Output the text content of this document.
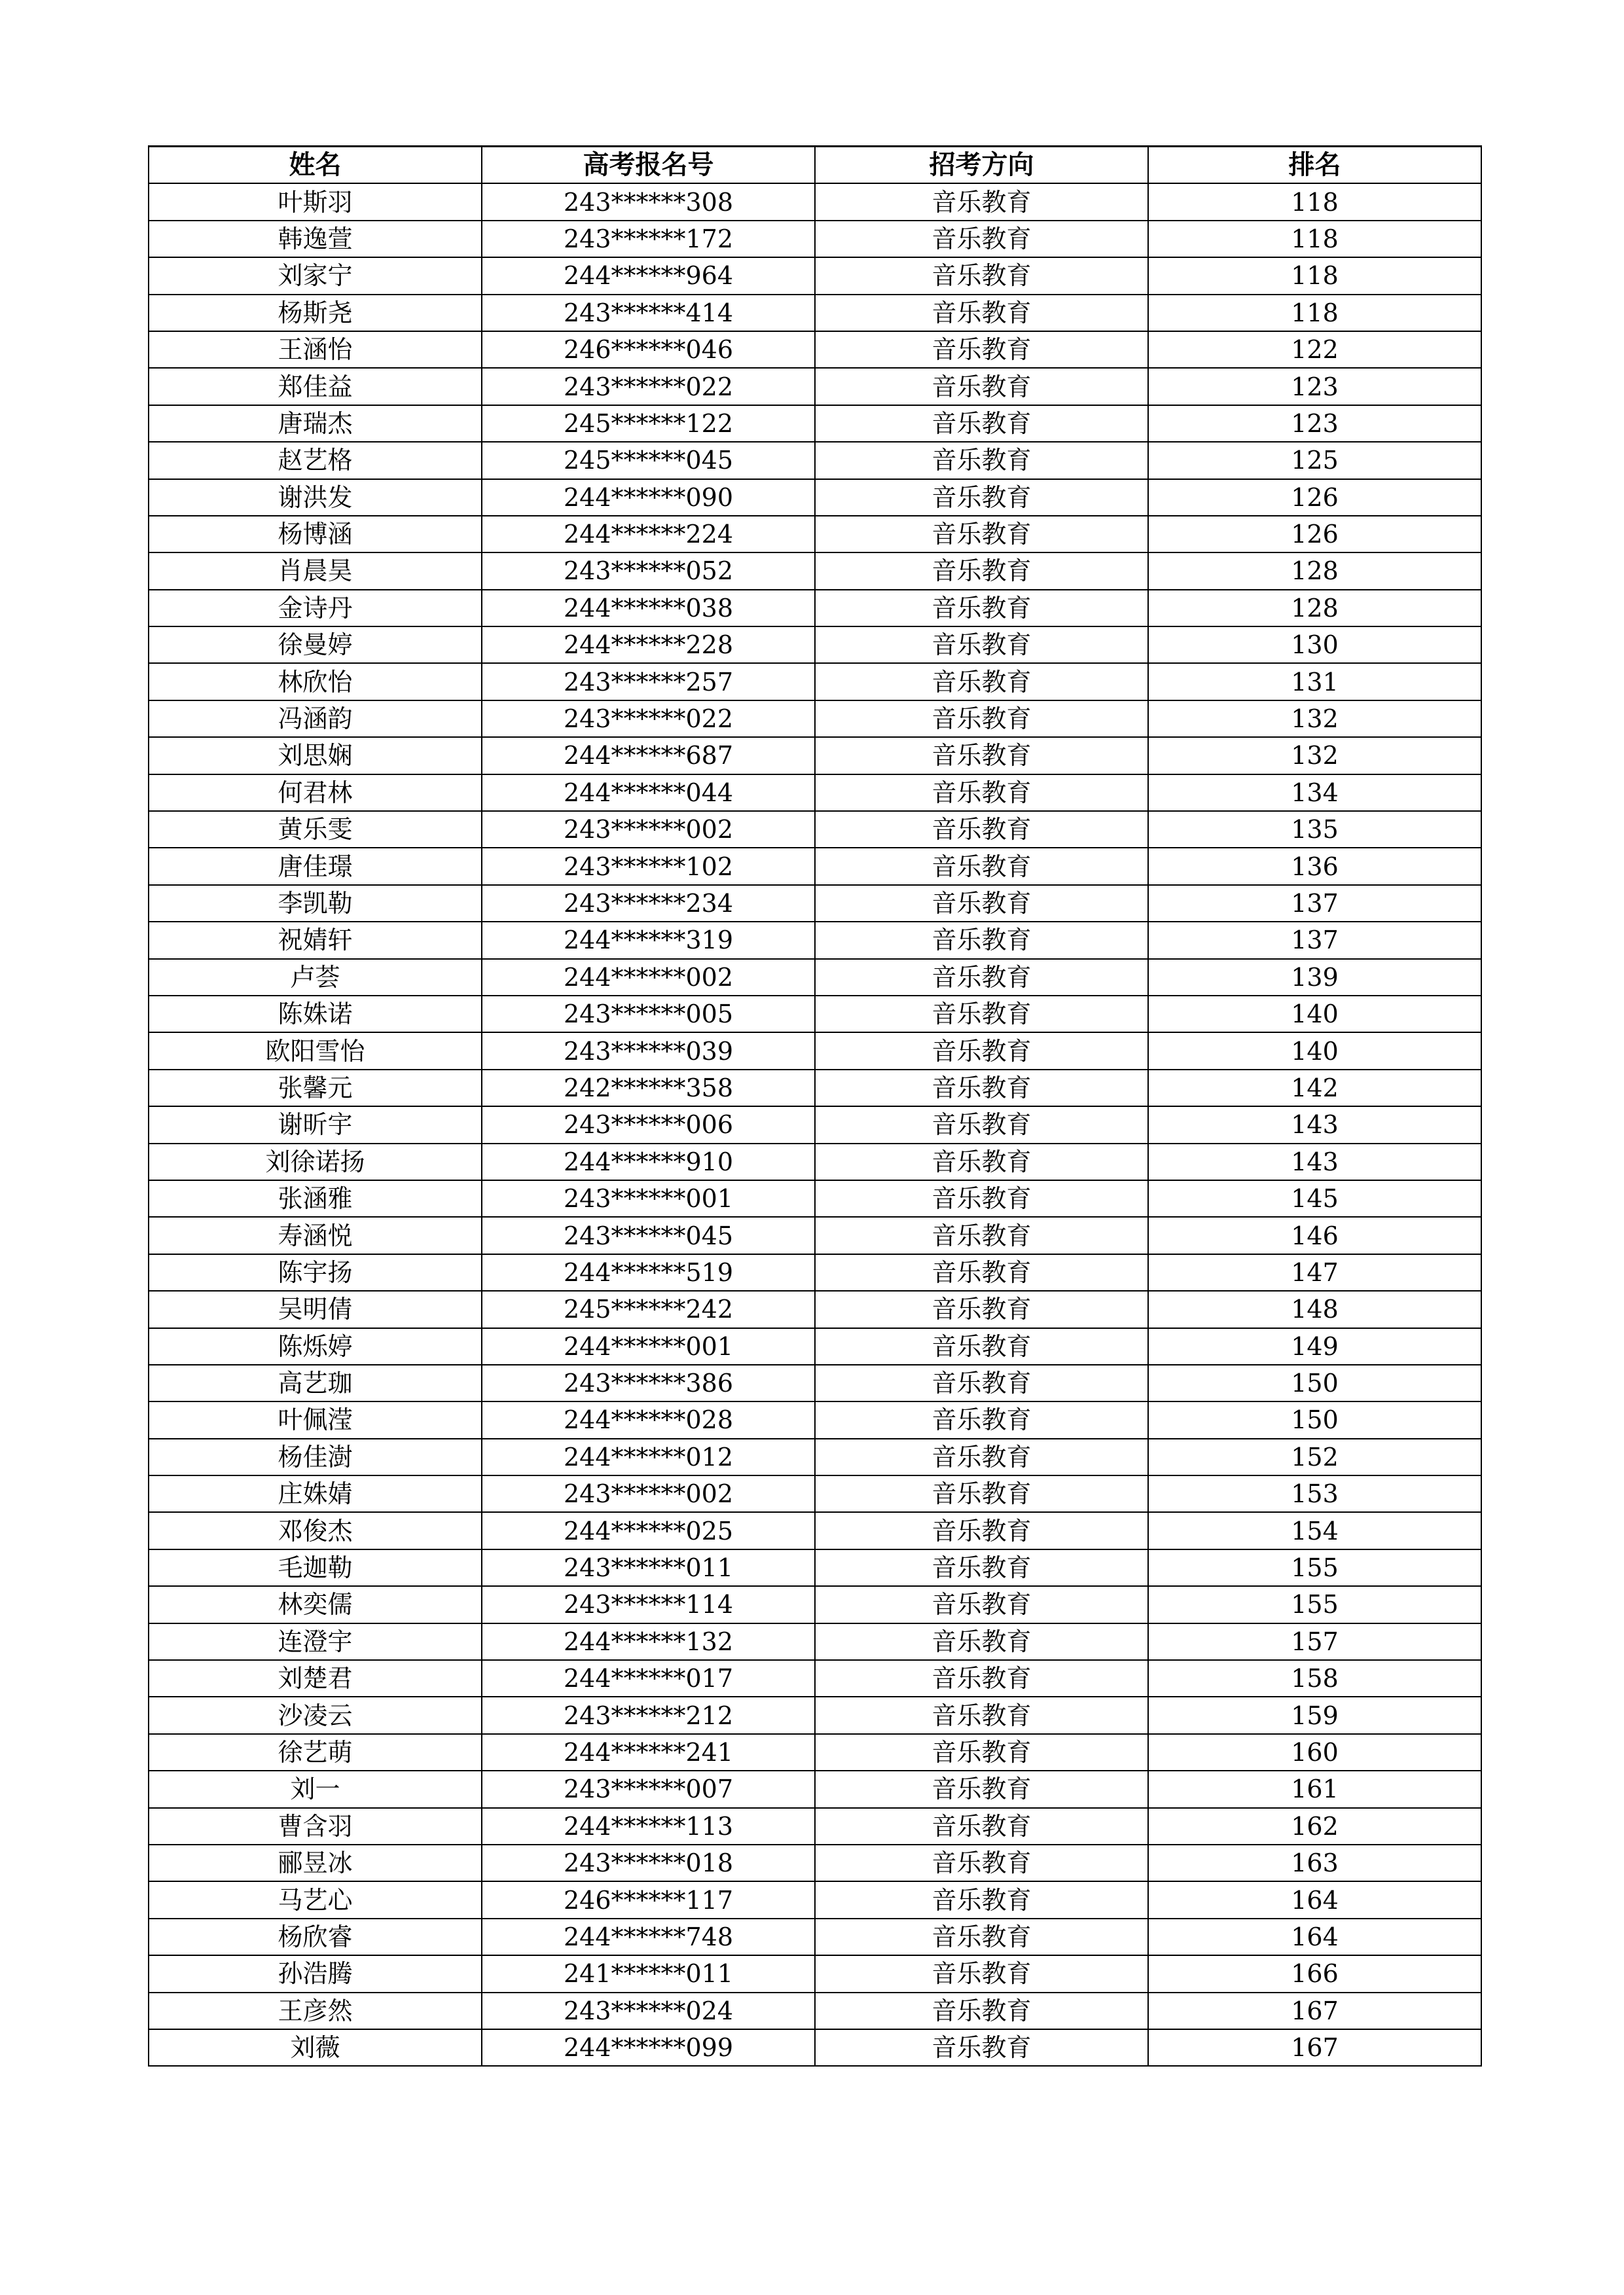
姓名	高考报名号	招考方向	排名
叶斯羽	243******308	音乐教育	118
韩逸萱	243******172	音乐教育	118
刘家宁	244******964	音乐教育	118
杨斯尧	243******414	音乐教育	118
王涵怡	246******046	音乐教育	122
郑佳益	243******022	音乐教育	123
唐瑞杰	245******122	音乐教育	123
赵艺格	245******045	音乐教育	125
谢洪发	244******090	音乐教育	126
杨博涵	244******224	音乐教育	126
肖晨昊	243******052	音乐教育	128
金诗丹	244******038	音乐教育	128
徐曼婷	244******228	音乐教育	130
林欣怡	243******257	音乐教育	131
冯涵韵	243******022	音乐教育	132
刘思娴	244******687	音乐教育	132
何君林	244******044	音乐教育	134
黄乐雯	243******002	音乐教育	135
唐佳璟	243******102	音乐教育	136
李凯勒	243******234	音乐教育	137
祝婧轩	244******319	音乐教育	137
卢荟	244******002	音乐教育	139
陈姝诺	243******005	音乐教育	140
欧阳雪怡	243******039	音乐教育	140
张馨元	242******358	音乐教育	142
谢昕宇	243******006	音乐教育	143
刘徐诺扬	244******910	音乐教育	143
张涵雅	243******001	音乐教育	145
寿涵悦	243******045	音乐教育	146
陈宇扬	244******519	音乐教育	147
吴明倩	245******242	音乐教育	148
陈烁婷	244******001	音乐教育	149
高艺珈	243******386	音乐教育	150
叶佩滢	244******028	音乐教育	150
杨佳澍	244******012	音乐教育	152
庄姝婧	243******002	音乐教育	153
邓俊杰	244******025	音乐教育	154
毛迦勒	243******011	音乐教育	155
林奕儒	243******114	音乐教育	155
连澄宇	244******132	音乐教育	157
刘楚君	244******017	音乐教育	158
沙凌云	243******212	音乐教育	159
徐艺萌	244******241	音乐教育	160
刘一	243******007	音乐教育	161
曹含羽	244******113	音乐教育	162
郦昱冰	243******018	音乐教育	163
马艺心	246******117	音乐教育	164
杨欣睿	244******748	音乐教育	164
孙浩腾	241******011	音乐教育	166
王彦然	243******024	音乐教育	167
刘薇	244******099	音乐教育	167
